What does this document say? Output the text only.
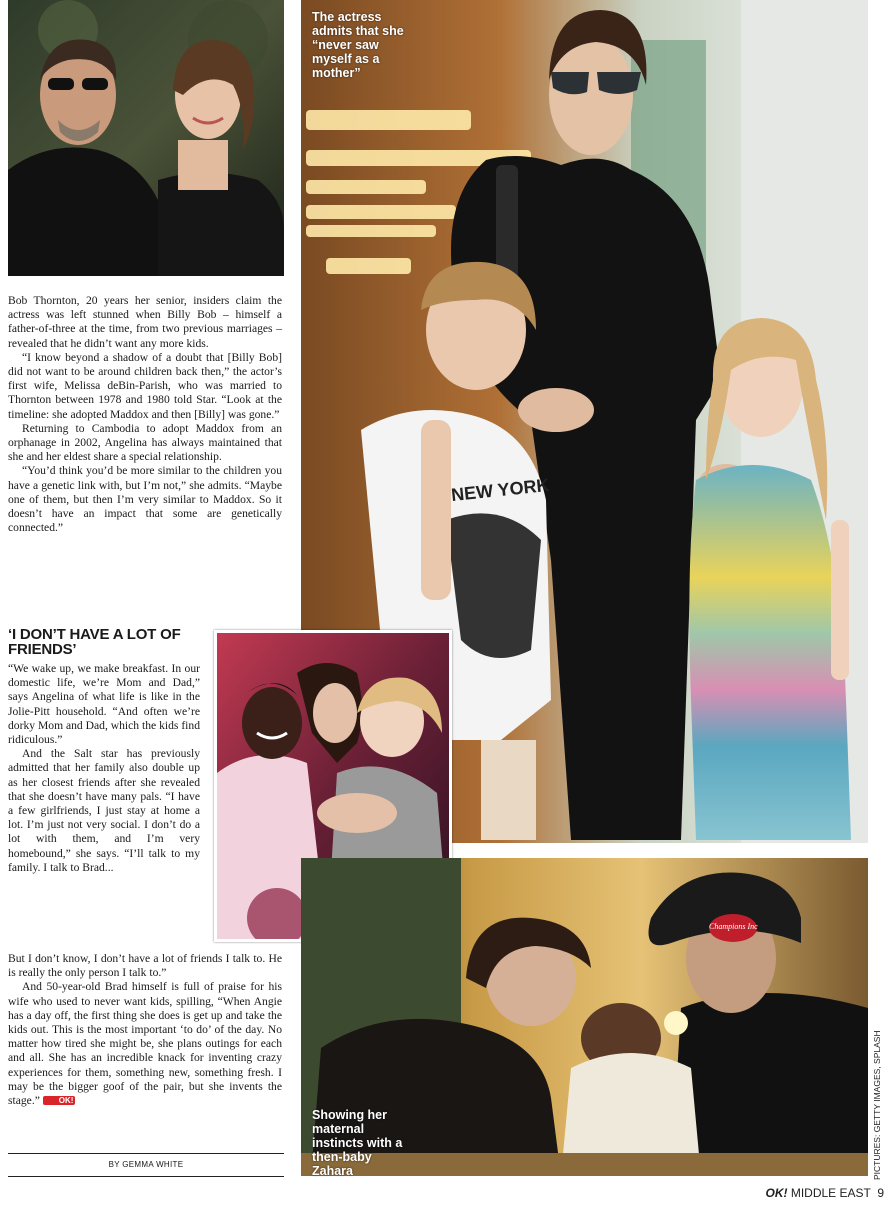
NEW YORK
The actress admits that she “never saw myself as a mother”
Champions Inc
Showing her maternal instincts with a then-baby Zahara

Bob Thornton, 20 years her senior, insiders claim the actress was left stunned when Billy Bob – himself a father-of-three at the time, from two previous marriages – revealed that he didn’t want any more kids.

“I know beyond a shadow of a doubt that [Billy Bob] did not want to be around children back then,” the actor’s first wife, Melissa deBin-Parish, who was married to Thornton between 1978 and 1980 told Star. “Look at the timeline: she adopted Maddox and then [Billy] was gone.”

Returning to Cambodia to adopt Maddox from an orphanage in 2002, Angelina has always maintained that she and her eldest share a special relationship.

“You’d think you’d be more similar to the children you have a genetic link with, but I’m not,” she admits. “Maybe one of them, but then I’m very similar to Maddox. So it doesn’t have an impact that some are genetically connected.”

‘I DON’T HAVE A LOT OF FRIENDS’

“We wake up, we make breakfast. In our domestic life, we’re Mom and Dad,” says Angelina of what life is like in the Jolie-Pitt household. “And often we’re dorky Mom and Dad, which the kids find ridiculous.”

And the Salt star has previously admitted that her family also double up as her closest friends after she revealed that she doesn’t have many pals. “I have a few girlfriends, I just stay at home a lot. I’m just not very social. I don’t do a lot with them, and I’m very homebound,” she says. “I’ll talk to my family. I talk to Brad...

But I don’t know, I don’t have a lot of friends I talk to. He is really the only person I talk to.”

And 50-year-old Brad himself is full of praise for his wife who used to never want kids, spilling, “When Angie has a day off, the first thing she does is get up and take the kids out. This is the most important ‘to do’ of the day. No matter how tired she might be, she plans outings for each and all. She has an incredible knack for inventing crazy experiences for them, something new, something fresh. I may be the bigger goof of the pair, but she invents the stage.” OK!

BY GEMMA WHITE	PICTURES: GETTY IMAGES, SPLASH
OK! MIDDLE EAST 9
